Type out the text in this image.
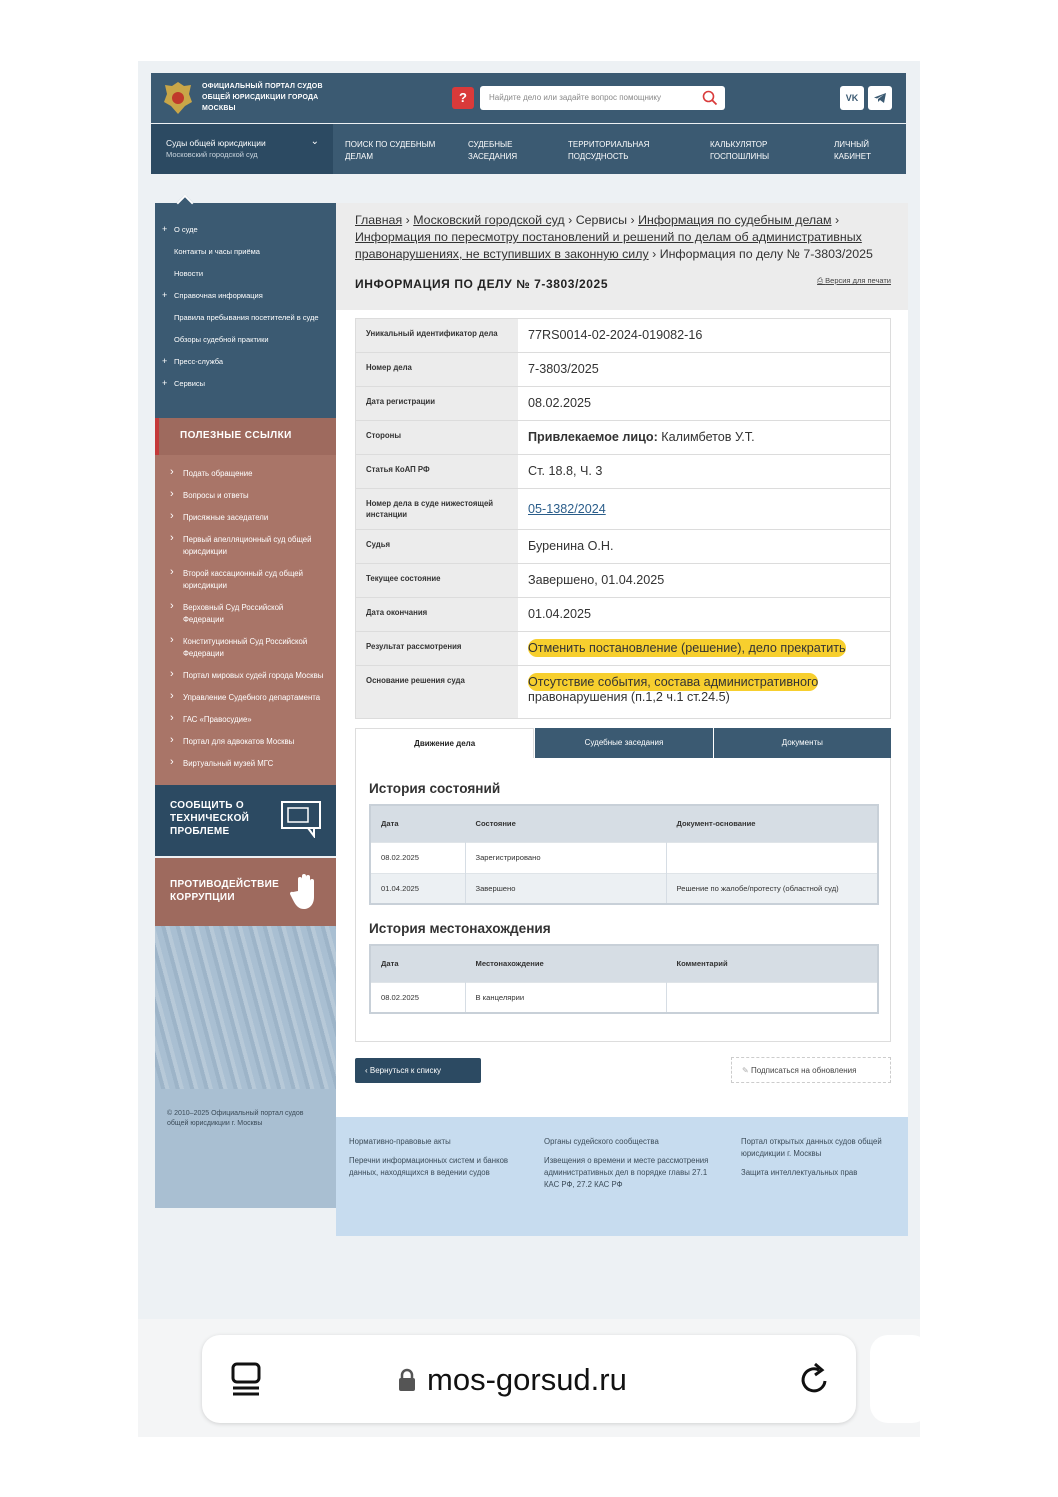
ОФИЦИАЛЬНЫЙ ПОРТАЛ СУДОВ ОБЩЕЙ ЮРИСДИКЦИИ ГОРОДА МОСКВЫ
?	Найдите дело или задайте вопрос помощнику	VK
Суды общей юрисдикции
Московский городской суд
⌄	ПОИСК ПО СУДЕБНЫМ ДЕЛАМ
СУДЕБНЫЕ ЗАСЕДАНИЯ
ТЕРРИТОРИАЛЬНАЯ ПОДСУДНОСТЬ
КАЛЬКУЛЯТОР ГОСПОШЛИНЫ
ЛИЧНЫЙ КАБИНЕТ
+ О суде
Контакты и часы приёма
Новости
+ Справочная информация
Правила пребывания посетителей в суде
Обзоры судебной практики
+ Пресс-служба
+ Сервисы
ПОЛЕЗНЫЕ ССЫЛКИ
› Подать обращение
› Вопросы и ответы
› Присяжные заседатели
› Первый апелляционный суд общей юрисдикции
› Второй кассационный суд общей юрисдикции
› Верховный Суд Российской Федерации
› Конституционный Суд Российской Федерации
› Портал мировых судей города Москвы
› Управление Судебного департамента
› ГАС «Правосудие»
› Портал для адвокатов Москвы
› Виртуальный музей МГС
СООБЩИТЬ О ТЕХНИЧЕСКОЙ ПРОБЛЕМЕ
ПРОТИВОДЕЙСТВИЕ КОРРУПЦИИ
© 2010–2025 Официальный портал судов общей юрисдикции г. Москвы
Главная › Московский городской суд › Сервисы › Информация по судебным делам › Информация по пересмотру постановлений и решений по делам об административных правонарушениях, не вступивших в законную силу › Информация по делу № 7-3803/2025
ИНФОРМАЦИЯ ПО ДЕЛУ № 7-3803/2025	⎙ Версия для печати
Уникальный идентификатор дела	77RS0014-02-2024-019082-16
Номер дела	7-3803/2025
Дата регистрации	08.02.2025
Стороны	Привлекаемое лицо: Калимбетов У.Т.
Статья КоАП РФ	Ст. 18.8, Ч. 3
Номер дела в суде нижестоящей инстанции	05-1382/2024
Судья	Буренина О.Н.
Текущее состояние	Завершено, 01.04.2025
Дата окончания	01.04.2025
Результат рассмотрения	Отменить постановление (решение), дело прекратить
Основание решения суда	Отсутствие события, состава административного
правонарушения (п.1,2 ч.1 ст.24.5)
Движение дела	Судебные заседания	Документы
История состояний
Дата	Состояние	Документ-основание
08.02.2025	Зарегистрировано	
01.04.2025	Завершено	Решение по жалобе/протесту (областной суд)
История местонахождения
Дата	Местонахождение	Комментарий
08.02.2025	В канцелярии	
‹ Вернуться к списку	✎ Подписаться на обновления
Нормативно-правовые акты
Перечни информационных систем и банков данных, находящихся в ведении судов
Органы судейского сообщества
Извещения о времени и месте рассмотрения административных дел в порядке главы 27.1 КАС РФ, 27.2 КАС РФ
Портал открытых данных судов общей юрисдикции г. Москвы
Защита интеллектуальных прав
mos-gorsud.ru
